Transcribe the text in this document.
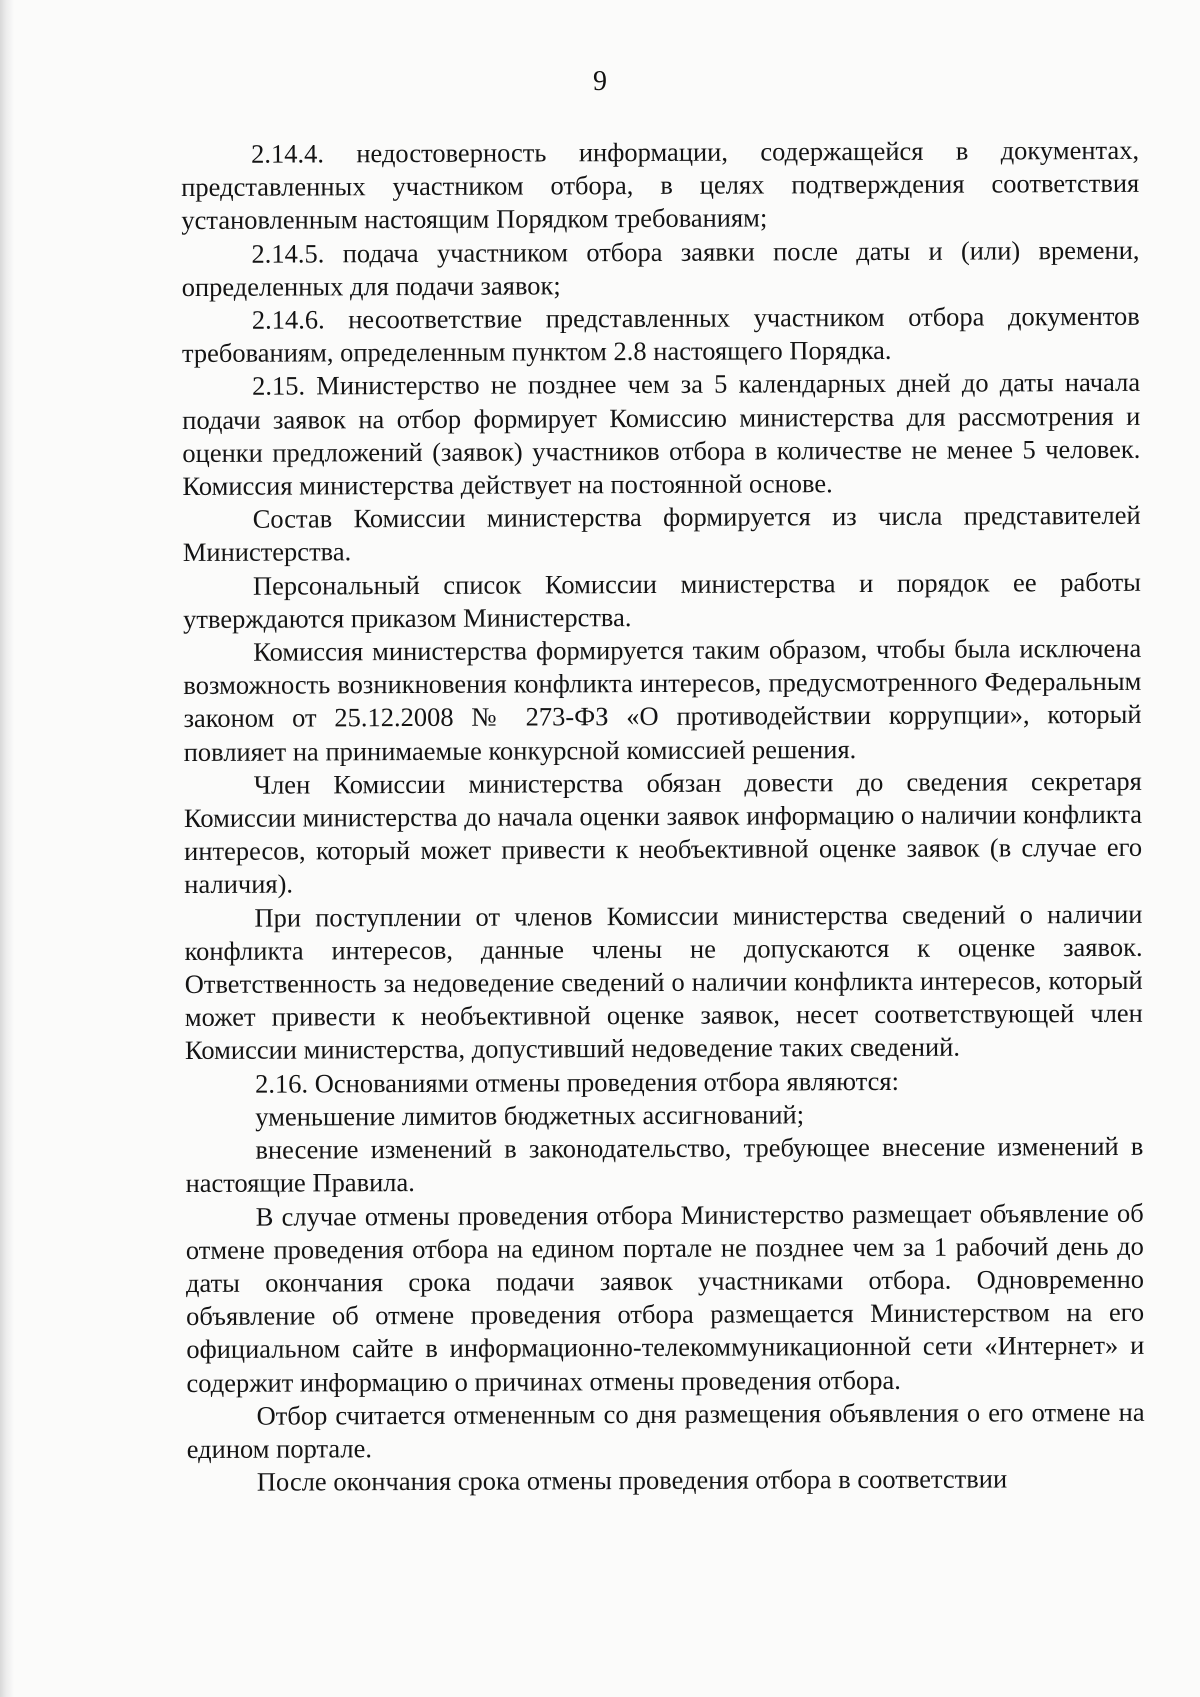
9

2.14.4. недостоверность информации, содержащейся в документах, представленных участником отбора, в целях подтверждения соответствия установленным настоящим Порядком требованиям;

2.14.5. подача участником отбора заявки после даты и (или) времени, определенных для подачи заявок;

2.14.6. несоответствие представленных участником отбора документов требованиям, определенным пунктом 2.8 настоящего Порядка.

2.15. Министерство не позднее чем за 5 календарных дней до даты начала подачи заявок на отбор формирует Комиссию министерства для рассмотрения и оценки предложений (заявок) участников отбора в количестве не менее 5 человек. Комиссия министерства действует на постоянной основе.

Состав Комиссии министерства формируется из числа представителей Министерства.

Персональный список Комиссии министерства и порядок ее работы утверждаются приказом Министерства.

Комиссия министерства формируется таким образом, чтобы была исключена возможность возникновения конфликта интересов, предусмотренного Федеральным законом от 25.12.2008 № 273-ФЗ «О противодействии коррупции», который повлияет на принимаемые конкурсной комиссией решения.

Член Комиссии министерства обязан довести до сведения секретаря Комиссии министерства до начала оценки заявок информацию о наличии конфликта интересов, который может привести к необъективной оценке заявок (в случае его наличия).

При поступлении от членов Комиссии министерства сведений о наличии конфликта интересов, данные члены не допускаются к оценке заявок. Ответственность за недоведение сведений о наличии конфликта интересов, который может привести к необъективной оценке заявок, несет соответствующей член Комиссии министерства, допустивший недоведение таких сведений.

2.16. Основаниями отмены проведения отбора являются:

уменьшение лимитов бюджетных ассигнований;

внесение изменений в законодательство, требующее внесение изменений в настоящие Правила.

В случае отмены проведения отбора Министерство размещает объявление об отмене проведения отбора на едином портале не позднее чем за 1 рабочий день до даты окончания срока подачи заявок участниками отбора. Одновременно объявление об отмене проведения отбора размещается Министерством на его официальном сайте в информационно-телекоммуникационной сети «Интернет» и содержит информацию о причинах отмены проведения отбора.

Отбор считается отмененным со дня размещения объявления о его отмене на едином портале.

После окончания срока отмены проведения отбора в соответствии
